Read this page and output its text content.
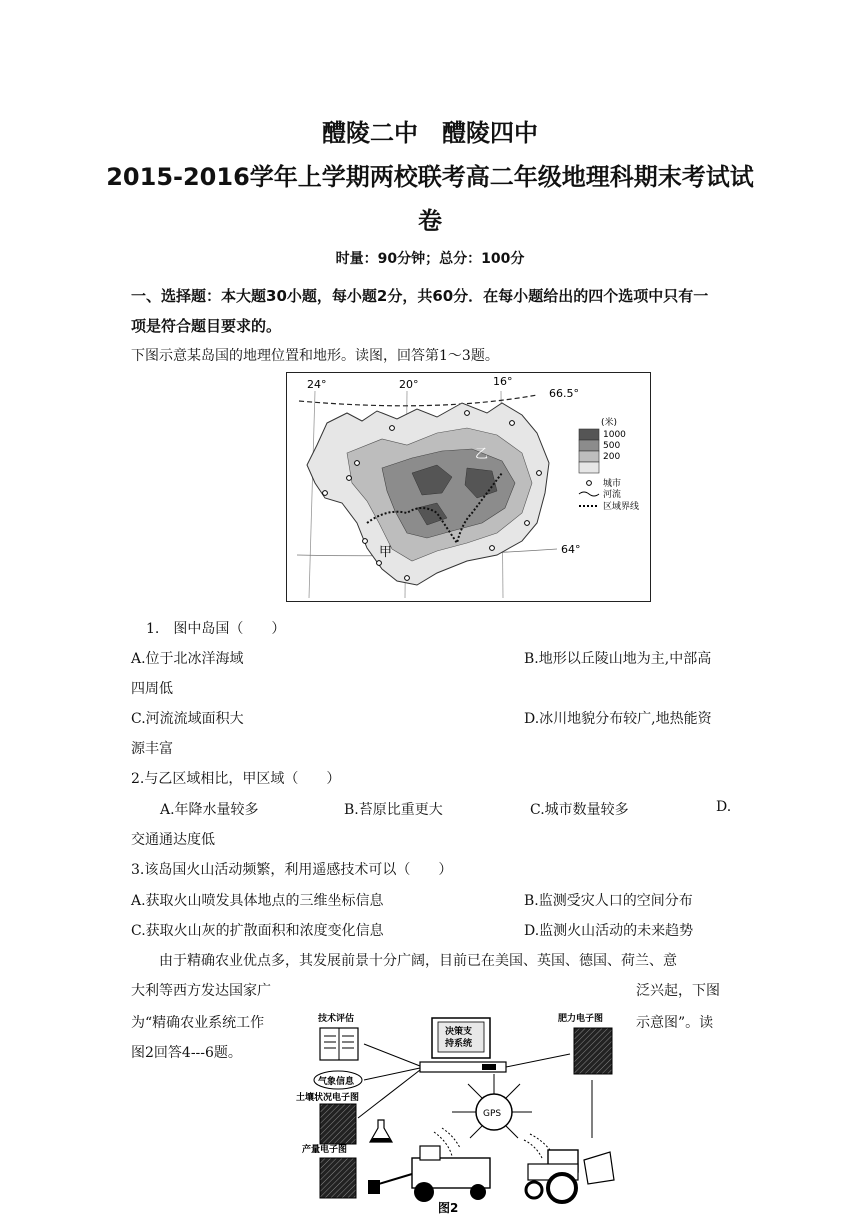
醴陵二中　醴陵四中
2015-2016学年上学期两校联考高二年级地理科期末考试试
卷
时量：90分钟；总分：100分
一、选择题：本大题30小题，每小题2分，共60分．在每小题给出的四个选项中只有一
项是符合题目要求的。
下图示意某岛国的地理位置和地形。读图，回答第1～3题。
24°	20°	16°
66.5°
64°
甲
乙
(米)
1000
500
200
城市
河流
区域界线
1.　图中岛国（　　）
A.位于北冰洋海域	B.地形以丘陵山地为主,中部高
四周低
C.河流流域面积大	D.冰川地貌分布较广,地热能资
源丰富
2.与乙区域相比，甲区域（　　）
A.年降水量较多	B.苔原比重更大	C.城市数量较多	D.
交通通达度低
3.该岛国火山活动频繁，利用遥感技术可以（　　）
A.获取火山喷发具体地点的三维坐标信息	B.监测受灾人口的空间分布
C.获取火山灰的扩散面积和浓度变化信息	D.监测火山活动的未来趋势
由于精确农业优点多，其发展前景十分广阔，目前已在美国、英国、德国、荷兰、意
大利等西方发达国家广	泛兴起，下图
为“精确农业系统工作	示意图”。读
图2回答4---6题。
技术评估
决策支
持系统
肥力电子图
气象信息
土壤状况电子图
GPS
产量电子图
图2
